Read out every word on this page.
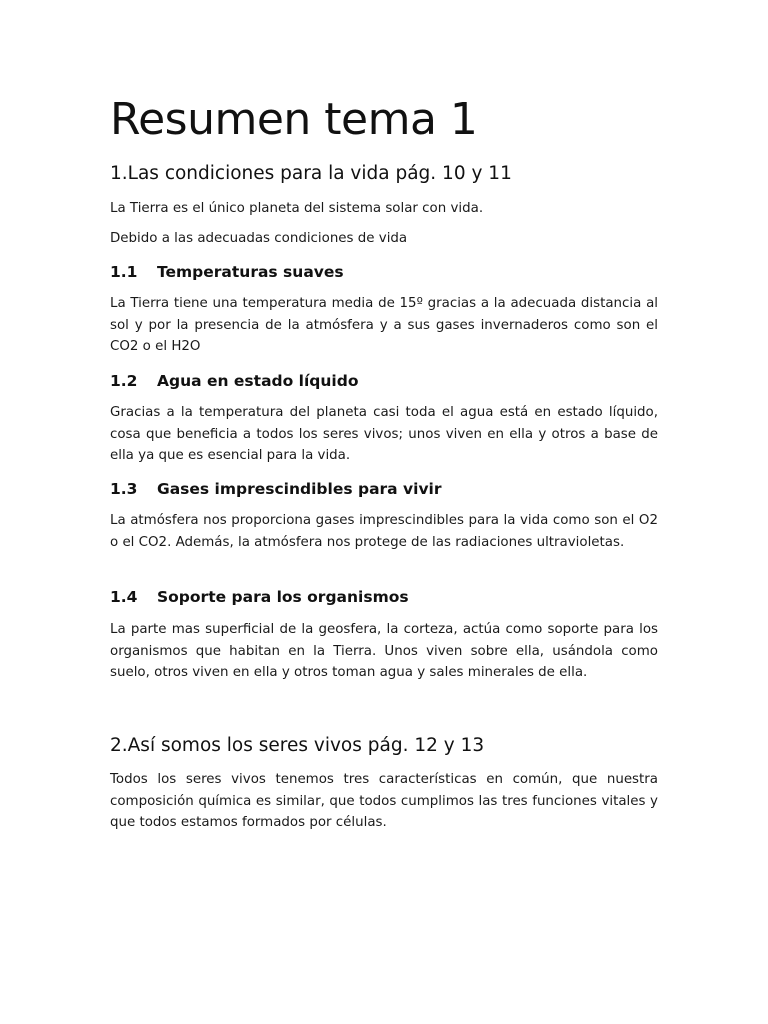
Resumen tema 1
1.Las condiciones para la vida pág. 10 y 11

La Tierra es el único planeta del sistema solar con vida.

Debido a las adecuadas condiciones de vida

1.1	Temperaturas suaves

La Tierra tiene una temperatura media de 15º gracias a la adecuada distancia al sol y por la presencia de la atmósfera y a sus gases invernaderos como son el CO2 o el H2O

1.2	Agua en estado líquido

Gracias a la temperatura del planeta casi toda el agua está en estado líquido, cosa que beneficia a todos los seres vivos; unos viven en ella y otros a base de ella ya que es esencial para la vida.

1.3	Gases imprescindibles para vivir

La atmósfera nos proporciona gases imprescindibles para la vida como son el O2 o el CO2. Además, la atmósfera nos protege de las radiaciones ultravioletas.

1.4	Soporte para los organismos

La parte mas superficial de la geosfera, la corteza, actúa como soporte para los organismos que habitan en la Tierra. Unos viven sobre ella, usándola como suelo, otros viven en ella y otros toman agua y sales minerales de ella.

2.Así somos los seres vivos pág. 12 y 13

Todos los seres vivos tenemos tres características en común, que nuestra composición química es similar, que todos cumplimos las tres funciones vitales y que todos estamos formados por células.
